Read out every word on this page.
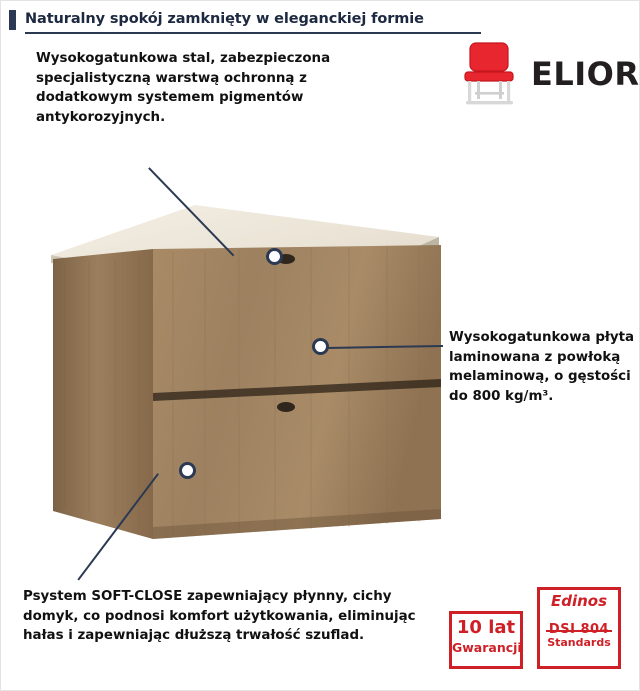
Naturalny spokój zamknięty w eleganckiej formie
ELIOR
Wysokogatunkowa stal, zabezpieczona specjalistyczną warstwą ochronną z dodatkowym systemem pigmentów antykorozyjnych.
Wysokogatunkowa płyta laminowana z powłoką melaminową, o gęstości do 800 kg/m³.
Psystem SOFT-CLOSE zapewniający płynny, cichy domyk, co podnosi komfort użytkowania, eliminując hałas i zapewniając dłuższą trwałość szuflad.	10 lat
Gwarancji
Edinos
Standards
